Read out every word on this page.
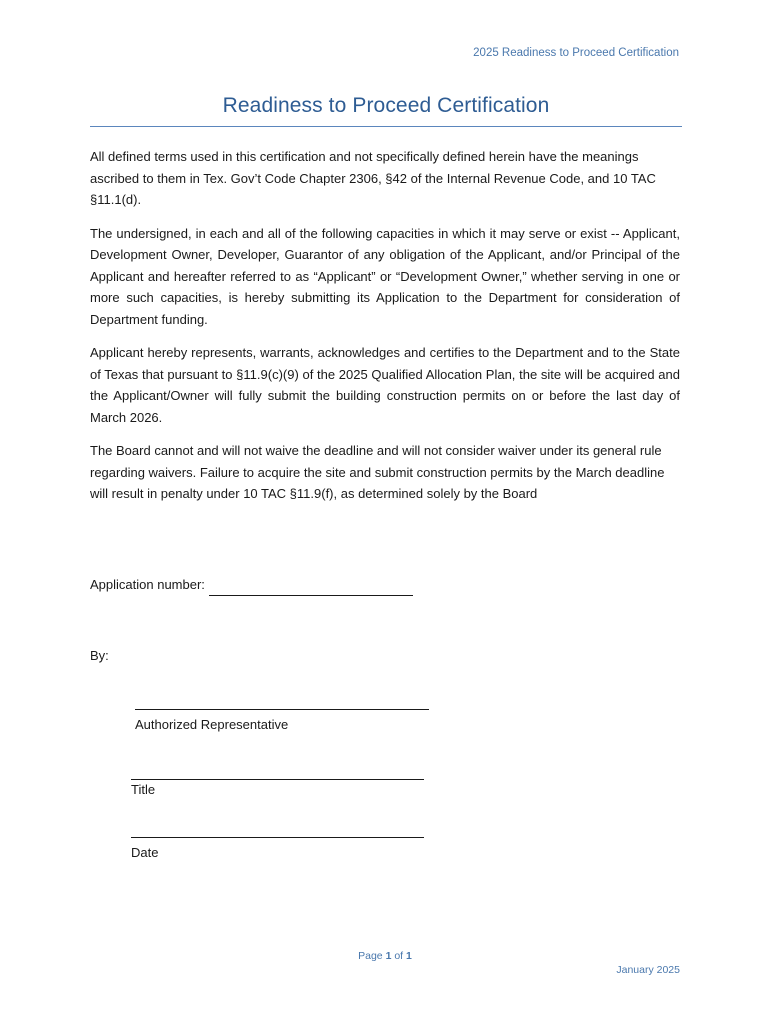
2025 Readiness to Proceed Certification
Readiness to Proceed Certification

All defined terms used in this certification and not specifically defined herein have the meanings ascribed to them in Tex. Gov’t Code Chapter 2306, §42 of the Internal Revenue Code, and 10 TAC §11.1(d).

The undersigned, in each and all of the following capacities in which it may serve or exist -- Applicant, Development Owner, Developer, Guarantor of any obligation of the Applicant, and/or Principal of the Applicant and hereafter referred to as “Applicant” or “Development Owner,” whether serving in one or more such capacities, is hereby submitting its Application to the Department for consideration of Department funding.

Applicant hereby represents, warrants, acknowledges and certifies to the Department and to the State of Texas that pursuant to §11.9(c)(9) of the 2025 Qualified Allocation Plan, the site will be acquired and the Applicant/Owner will fully submit the building construction permits on or before the last day of March 2026.

The Board cannot and will not waive the deadline and will not consider waiver under its general rule regarding waivers. Failure to acquire the site and submit construction permits by the March deadline will result in penalty under 10 TAC §11.9(f), as determined solely by the Board

Application number:
By:
Authorized Representative
Title
Date
Page 1 of 1
January 2025
